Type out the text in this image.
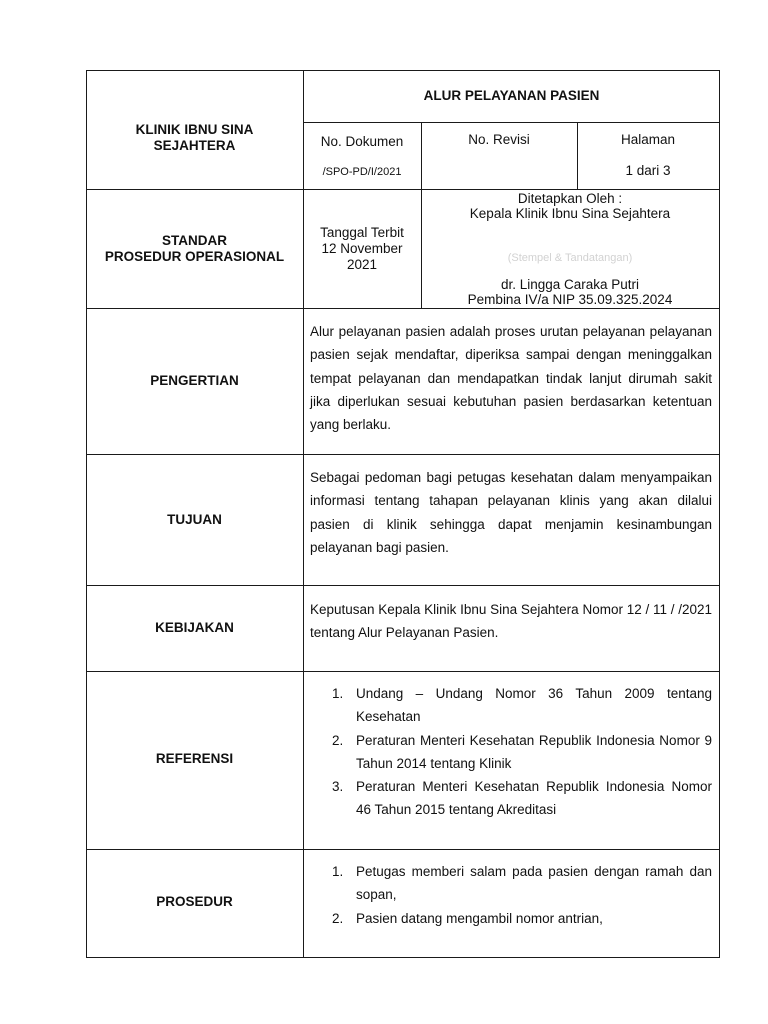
KLINIK IBNU SINA
SEJAHTERA
ALUR PELAYANAN PASIEN
No. Dokumen
/SPO-PD/I/2021
No. Revisi	Halaman
1 dari 3
STANDAR
PROSEDUR OPERASIONAL
Tanggal Terbit
12 November
2021
Ditetapkan Oleh :
Kepala Klinik Ibnu Sina Sejahtera
(Stempel & Tandatangan)
dr. Lingga Caraka Putri
Pembina IV/a NIP 35.09.325.2024
PENGERTIAN
Alur pelayanan pasien adalah proses urutan pelayanan pelayanan pasien sejak mendaftar, diperiksa sampai dengan meninggalkan tempat pelayanan dan mendapatkan tindak lanjut dirumah sakit jika diperlukan sesuai kebutuhan pasien berdasarkan ketentuan yang berlaku.
TUJUAN
Sebagai pedoman bagi petugas kesehatan dalam menyampaikan informasi tentang tahapan pelayanan klinis yang akan dilalui pasien di klinik sehingga dapat menjamin kesinambungan pelayanan bagi pasien.
KEBIJAKAN
Keputusan Kepala Klinik Ibnu Sina Sejahtera Nomor 12 / 11 / /2021 tentang Alur Pelayanan Pasien.
REFERENSI
1. Undang – Undang Nomor 36 Tahun 2009 tentang Kesehatan
2. Peraturan Menteri Kesehatan Republik Indonesia Nomor 9 Tahun 2014 tentang Klinik
3. Peraturan Menteri Kesehatan Republik Indonesia Nomor 46 Tahun 2015 tentang Akreditasi
PROSEDUR
1. Petugas memberi salam pada pasien dengan ramah dan sopan,
2. Pasien datang mengambil nomor antrian,
